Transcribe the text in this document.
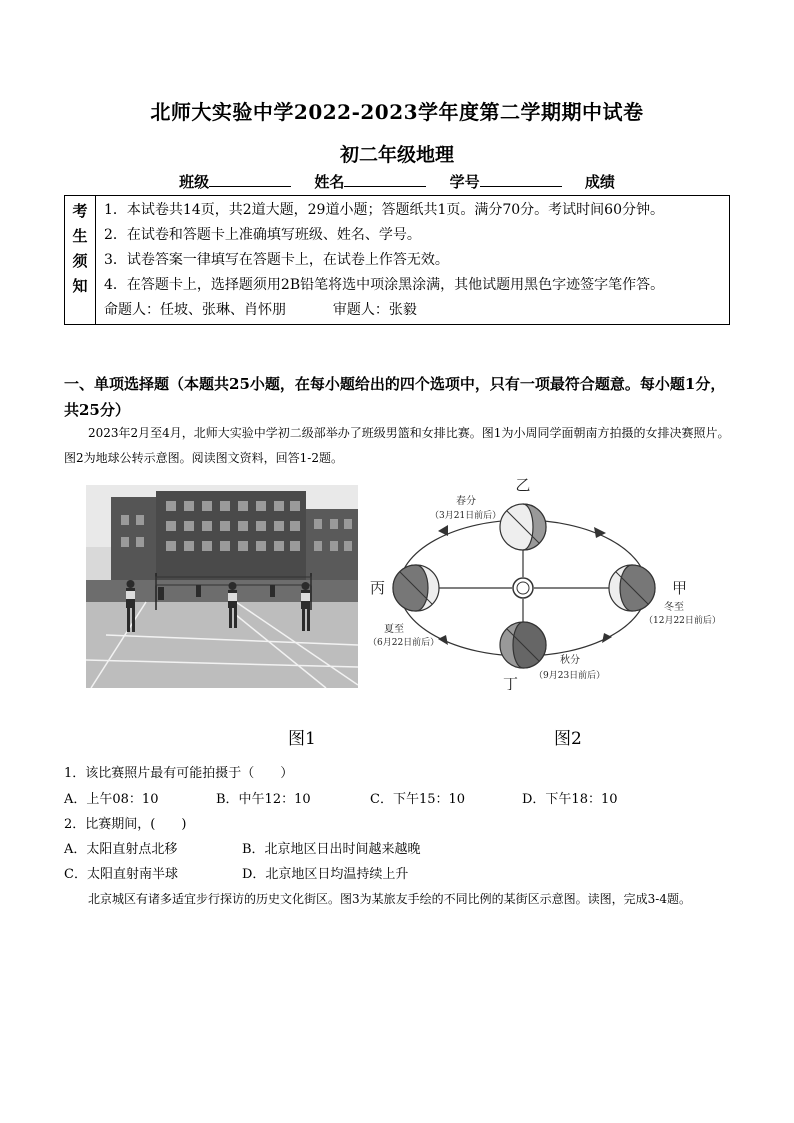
北师大实验中学2022-2023学年度第二学期期中试卷
初二年级地理
班级	姓名	学号	成绩
考
生
须
知

1．本试卷共14页，共2道大题，29道小题；答题纸共1页。满分70分。考试时间60分钟。
2．在试卷和答题卡上准确填写班级、姓名、学号。
3．试卷答案一律填写在答题卡上，在试卷上作答无效。
4．在答题卡上，选择题须用2B铅笔将选中项涂黑涂满，其他试题用黑色字迹签字笔作答。
命题人：任坡、张琳、肖怀朋	审题人：张毅
一、单项选择题（本题共25小题，在每小题给出的四个选项中，只有一项最符合题意。每小题1分，共25分）
2023年2月至4月，北师大实验中学初二级部举办了班级男篮和女排比赛。图1为小周同学面朝南方拍摄的女排决赛照片。图2为地球公转示意图。阅读图文资料，回答1-2题。
乙
丙	甲
丁
春分
（3月21日前后）
夏至
（6月22日前后）
冬至
（12月22日前后）
秋分
（9月23日前后）
图1	图2
1．该比赛照片最有可能拍摄于（　　）
A．上午08：10	B．中午12：10	C．下午15：10	D．下午18：10
2．比赛期间，(　　)
A．太阳直射点北移	B．北京地区日出时间越来越晚
C．太阳直射南半球	D．北京地区日均温持续上升
北京城区有诸多适宜步行探访的历史文化街区。图3为某旅友手绘的不同比例的某街区示意图。读图，完成3-4题。
